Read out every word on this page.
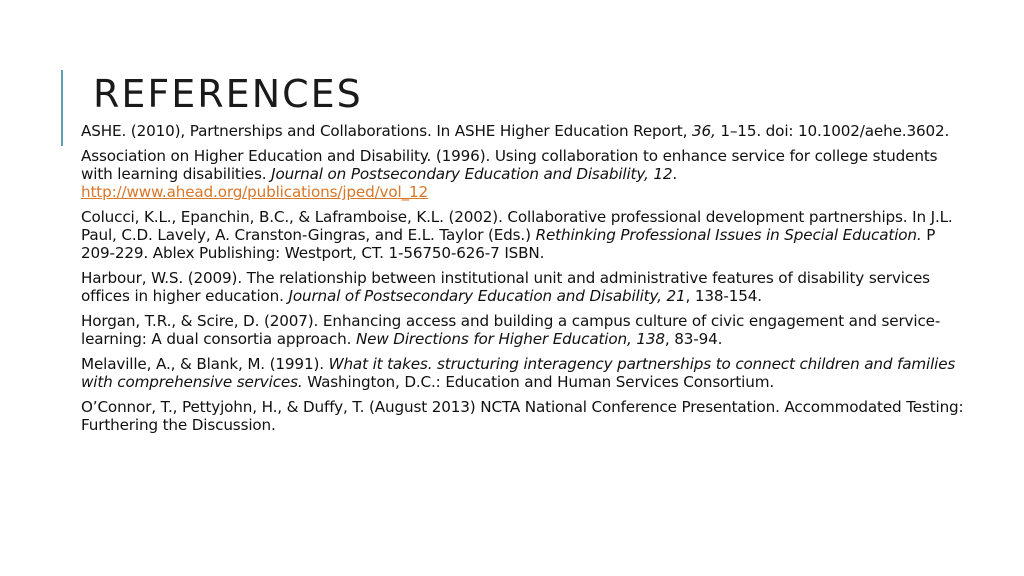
REFERENCES

ASHE. (2010), Partnerships and Collaborations. In ASHE Higher Education Report, 36, 1–15. doi: 10.1002/aehe.3602.

Association on Higher Education and Disability. (1996). Using collaboration to enhance service for college students with learning disabilities. Journal on Postsecondary Education and Disability, 12. http://www.ahead.org/publications/jped/vol_12

Colucci, K.L., Epanchin, B.C., & Laframboise, K.L. (2002). Collaborative professional development partnerships. In J.L. Paul, C.D. Lavely, A. Cranston-Gingras, and E.L. Taylor (Eds.) Rethinking Professional Issues in Special Education. P 209-229. Ablex Publishing: Westport, CT. 1-56750-626-7 ISBN.

Harbour, W.S. (2009). The relationship between institutional unit and administrative features of disability services offices in higher education. Journal of Postsecondary Education and Disability, 21, 138-154.

Horgan, T.R., & Scire, D. (2007). Enhancing access and building a campus culture of civic engagement and service-learning: A dual consortia approach. New Directions for Higher Education, 138, 83-94.

Melaville, A., & Blank, M. (1991). What it takes. structuring interagency partnerships to connect children and families with comprehensive services. Washington, D.C.: Education and Human Services Consortium.

O’Connor, T., Pettyjohn, H., & Duffy, T. (August 2013) NCTA National Conference Presentation. Accommodated Testing: Furthering the Discussion.
